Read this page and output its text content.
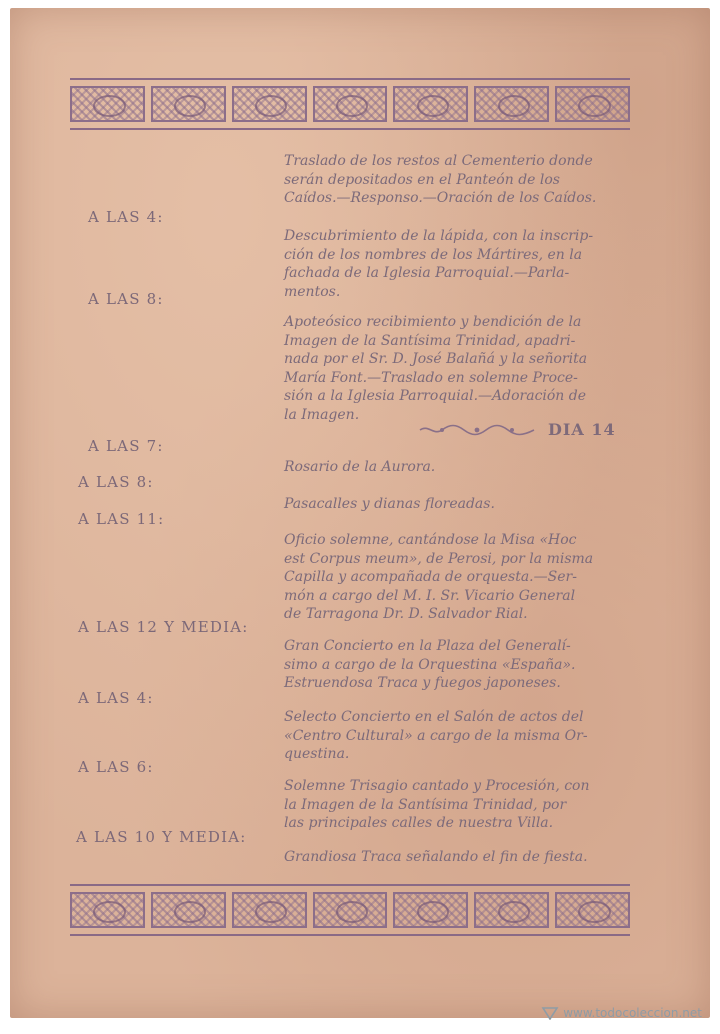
Traslado de los restos al Cementerio donde
serán depositados en el Panteón de los
Caídos.—Responso.—Oración de los Caídos.

A LAS 4:

Descubrimiento de la lápida, con la inscrip-
ción de los nombres de los Mártires, en la
fachada de la Iglesia Parroquial.—Parla-
mentos.

A LAS 8:

Apoteósico recibimiento y bendición de la
Imagen de la Santísima Trinidad, apadri-
nada por el Sr. D. José Balañá y la señorita
María Font.—Traslado en solemne Proce-
sión a la Iglesia Parroquial.—Adoración de
la Imagen.

DIA 14

A LAS 7:

Rosario de la Aurora.

A LAS 8:

Pasacalles y dianas floreadas.

A LAS 11:

Oficio solemne, cantándose la Misa «Hoc
est Corpus meum», de Perosi, por la misma
Capilla y acompañada de orquesta.—Ser-
món a cargo del M. I. Sr. Vicario General
de Tarragona Dr. D. Salvador Rial.

A LAS 12 Y MEDIA:

Gran Concierto en la Plaza del Generalí-
simo a cargo de la Orquestina «España».
Estruendosa Traca y fuegos japoneses.

A LAS 4:

Selecto Concierto en el Salón de actos del
«Centro Cultural» a cargo de la misma Or-
questina.

A LAS 6:

Solemne Trisagio cantado y Procesión, con
la Imagen de la Santísima Trinidad, por
las principales calles de nuestra Villa.

A LAS 10 Y MEDIA:

Grandiosa Traca señalando el fin de fiesta.

www.todocoleccion.net
